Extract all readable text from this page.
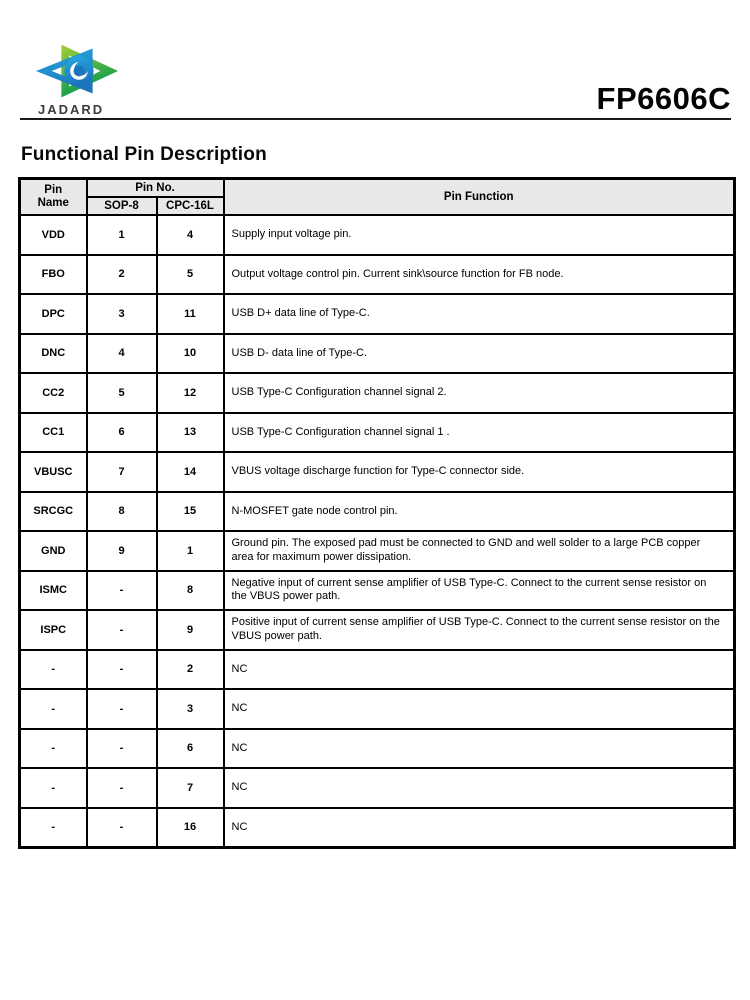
JADARD	FP6606C
Functional Pin Description
Pin
Name	Pin No.		Pin Function
	SOP-8	CPC-16L	
VDD	1	4	Supply input voltage pin.
FBO	2	5	Output voltage control pin. Current sink\source function for FB node.
DPC	3	11	USB D+ data line of Type-C.
DNC	4	10	USB D- data line of Type-C.
CC2	5	12	USB Type-C Configuration channel signal 2.
CC1	6	13	USB Type-C Configuration channel signal 1 .
VBUSC	7	14	VBUS voltage discharge function for Type-C connector side.
SRCGC	8	15	N-MOSFET gate node control pin.
GND	9	1	Ground pin. The exposed pad must be connected to GND and well solder to a large PCB copper area for maximum power dissipation.
ISMC	-	8	Negative input of current sense amplifier of USB Type-C. Connect to the current sense resistor on the VBUS power path.
ISPC	-	9	Positive input of current sense amplifier of USB Type-C. Connect to the current sense resistor on the VBUS power path.
-	-	2	NC
-	-	3	NC
-	-	6	NC
-	-	7	NC
-	-	16	NC
